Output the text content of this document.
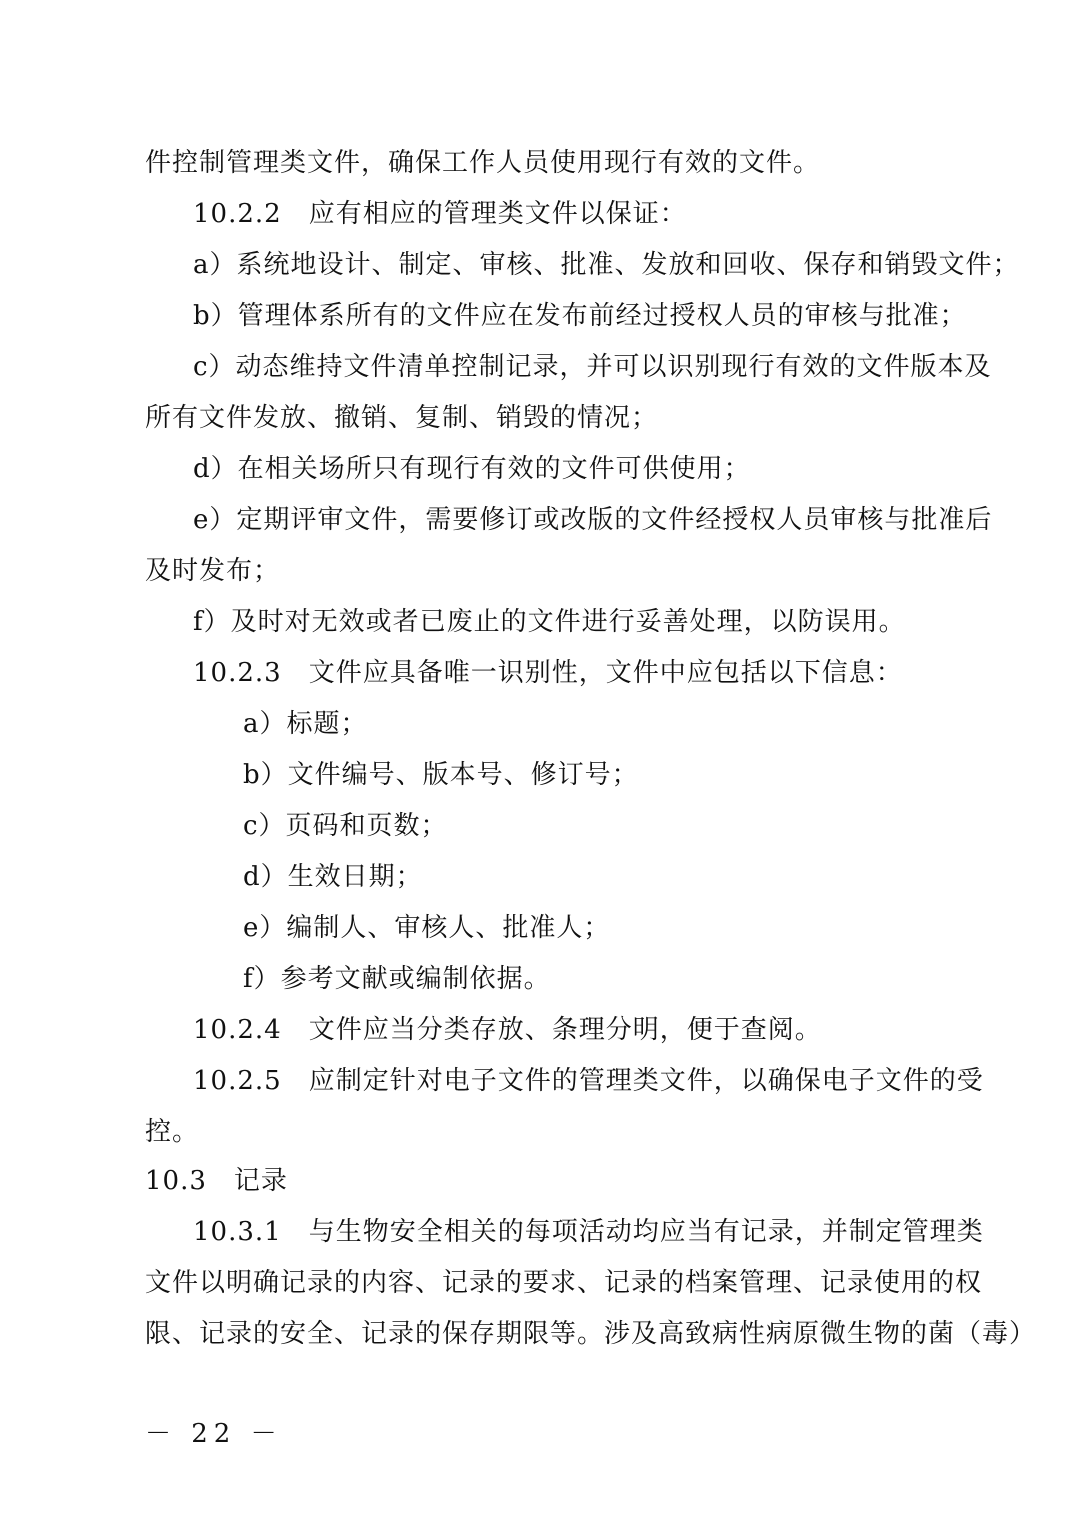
件控制管理类文件，确保工作人员使用现行有效的文件。
10.2.2　应有相应的管理类文件以保证：
a）系统地设计、制定、审核、批准、发放和回收、保存和销毁文件；
b）管理体系所有的文件应在发布前经过授权人员的审核与批准；
c）动态维持文件清单控制记录，并可以识别现行有效的文件版本及
所有文件发放、撤销、复制、销毁的情况；
d）在相关场所只有现行有效的文件可供使用；
e）定期评审文件，需要修订或改版的文件经授权人员审核与批准后
及时发布；
f）及时对无效或者已废止的文件进行妥善处理，以防误用。
10.2.3　文件应具备唯一识别性，文件中应包括以下信息：
a）标题；
b）文件编号、版本号、修订号；
c）页码和页数；
d）生效日期；
e）编制人、审核人、批准人；
f）参考文献或编制依据。
10.2.4　文件应当分类存放、条理分明，便于查阅。
10.2.5　应制定针对电子文件的管理类文件，以确保电子文件的受
控。
10.3　记录
10.3.1　与生物安全相关的每项活动均应当有记录，并制定管理类
文件以明确记录的内容、记录的要求、记录的档案管理、记录使用的权
限、记录的安全、记录的保存期限等。涉及高致病性病原微生物的菌（毒）
－ 22 －
